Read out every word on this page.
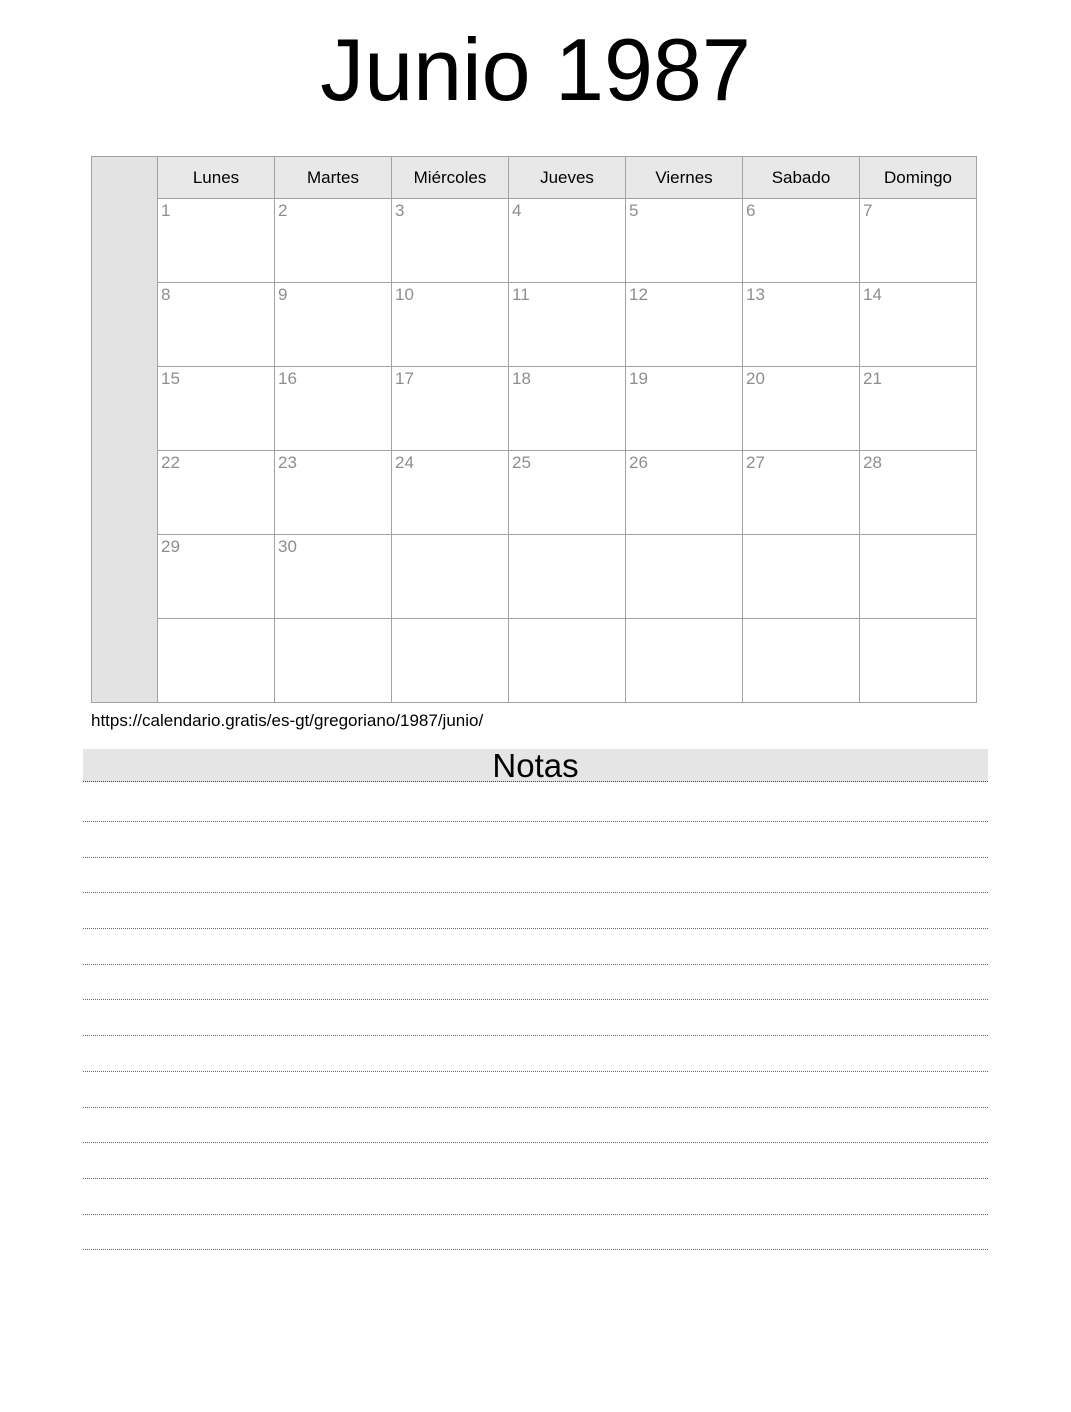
Junio 1987
	Lunes	Martes	Miércoles	Jueves	Viernes	Sabado	Domingo
	1	2	3	4	5	6	7
	8	9	10	11	12	13	14
	15	16	17	18	19	20	21
	22	23	24	25	26	27	28
	29	30					

https://calendario.gratis/es-gt/gregoriano/1987/junio/
Notas
